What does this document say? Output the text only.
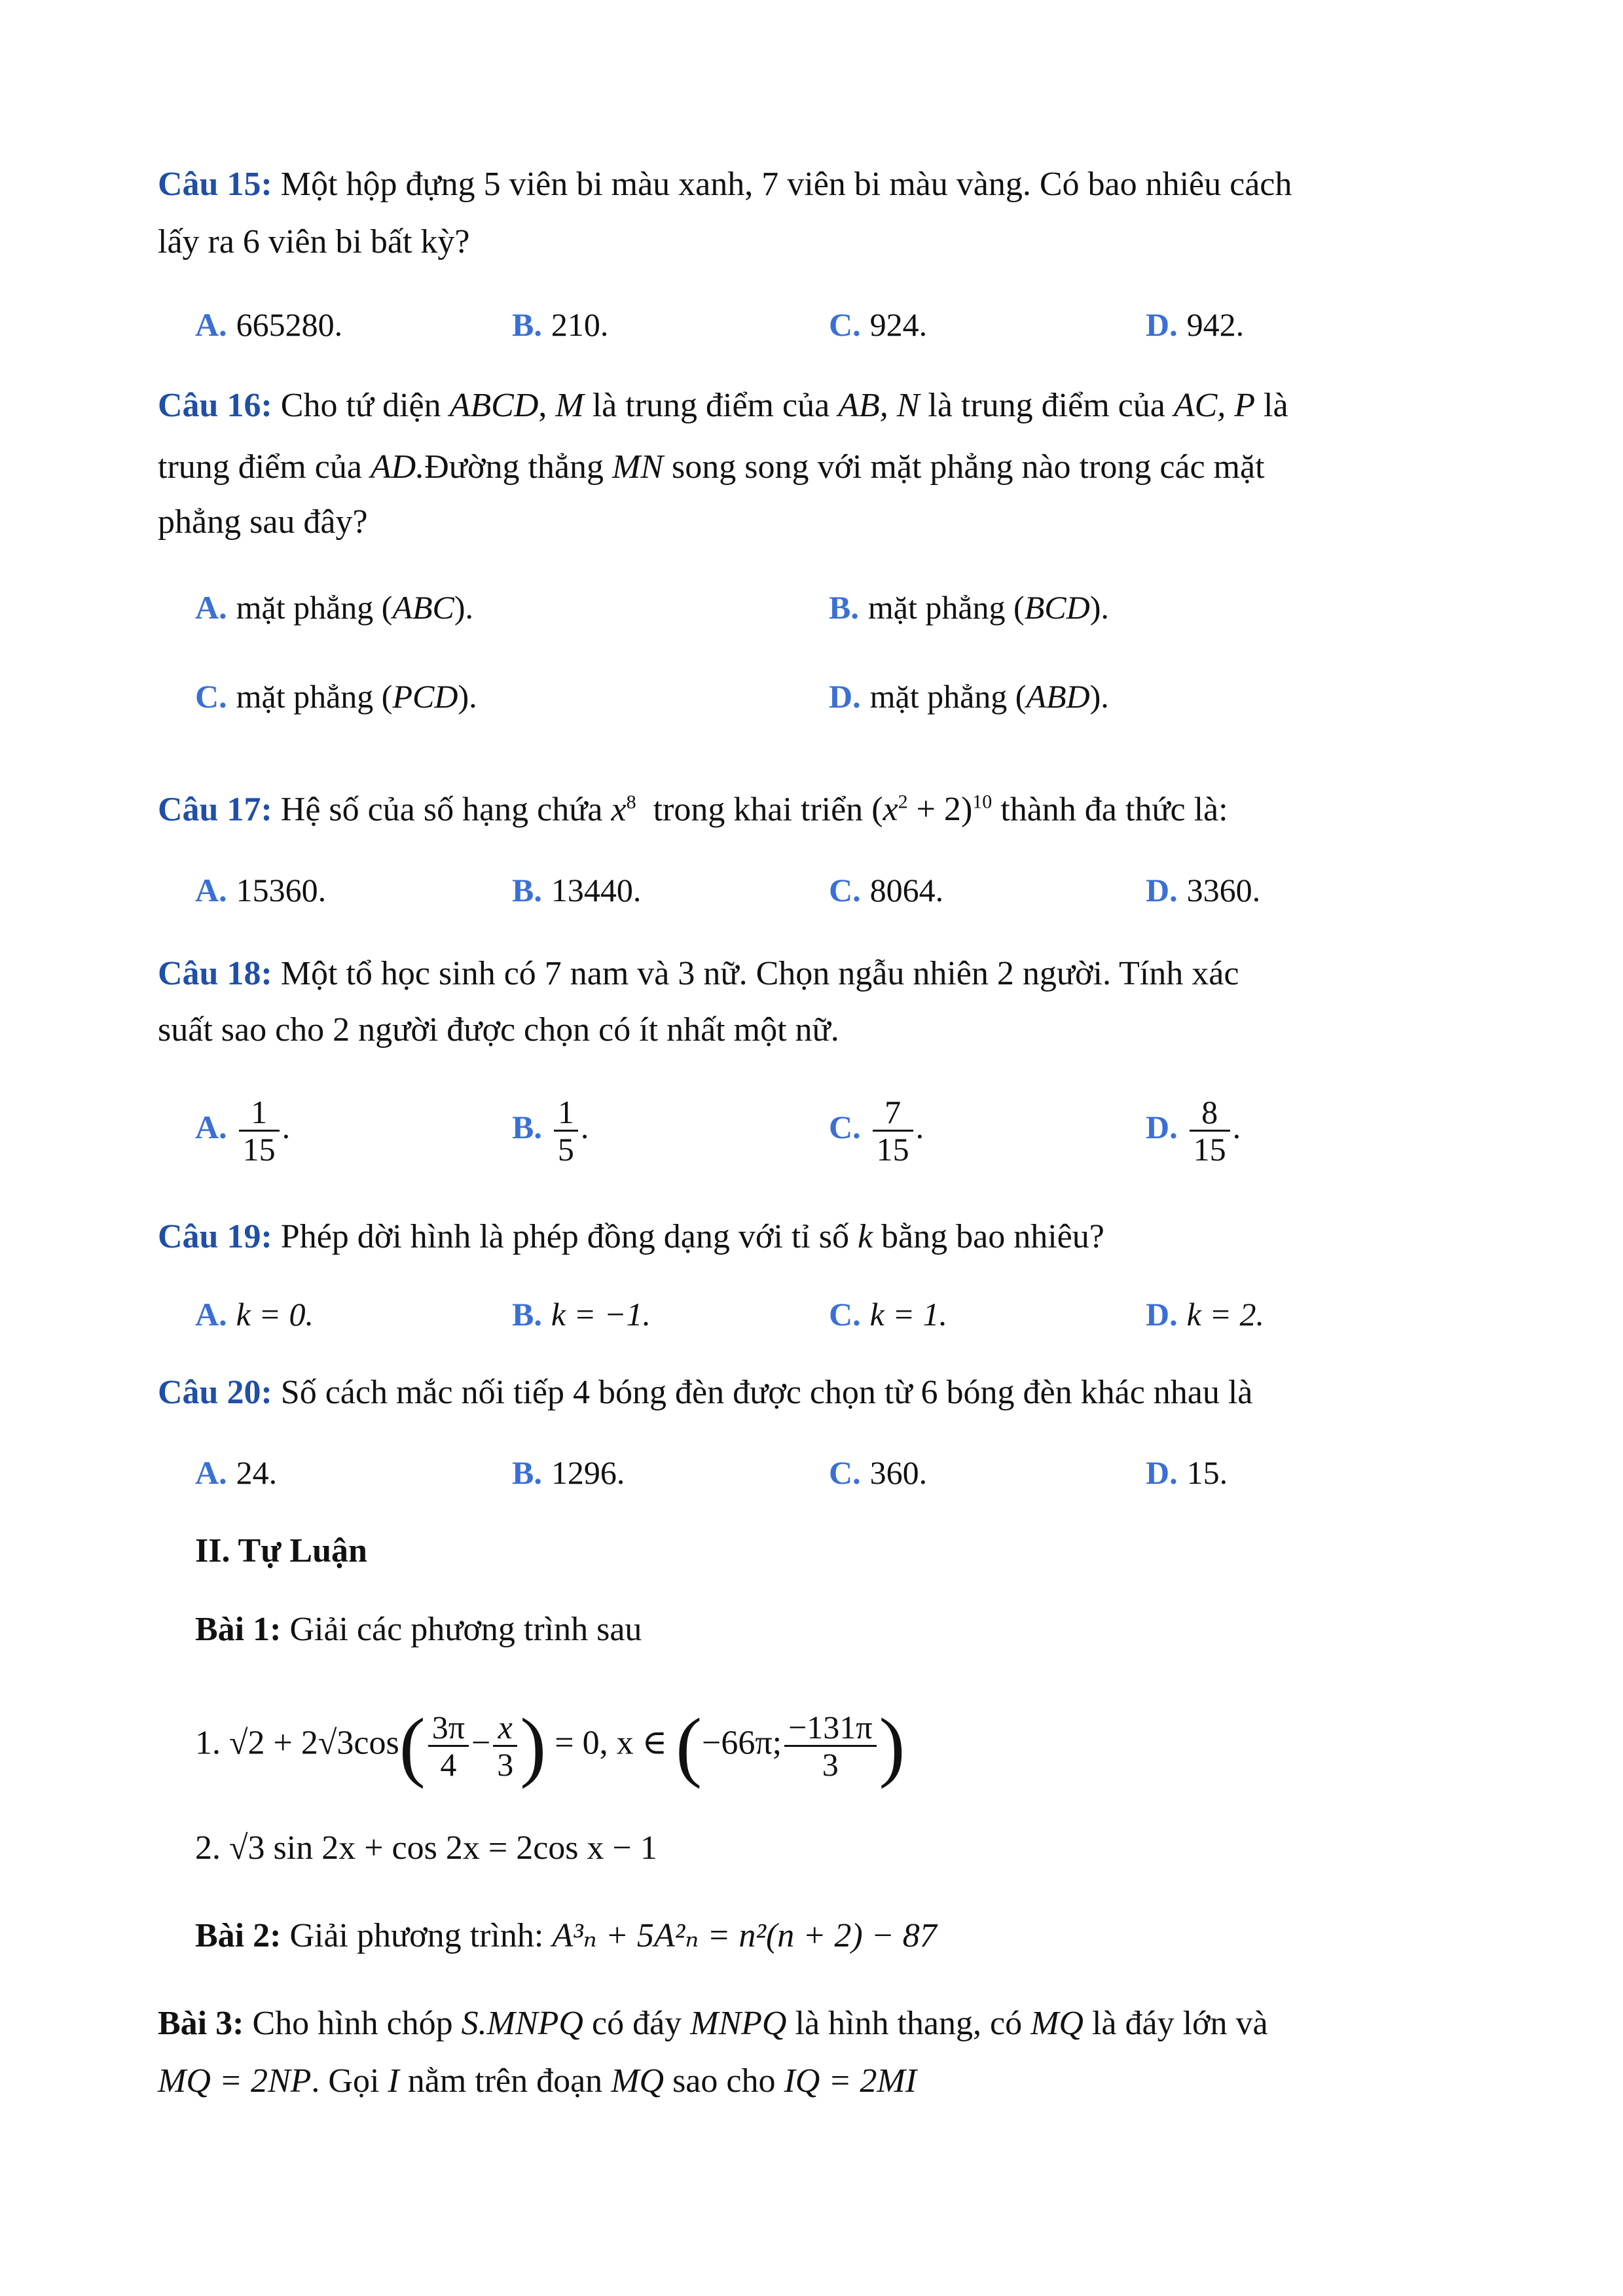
Câu 15: Một hộp đựng 5 viên bi màu xanh, 7 viên bi màu vàng. Có bao nhiêu cách
lấy ra 6 viên bi bất kỳ?
A. 665280.	B. 210.	C. 924.	D. 942.
Câu 16: Cho tứ diện ABCD, M là trung điểm của AB, N là trung điểm của AC, P là
trung điểm của AD.Đường thẳng MN song song với mặt phẳng nào trong các mặt
phẳng sau đây?
A. mặt phẳng (ABC).	B. mặt phẳng (BCD).
C. mặt phẳng (PCD).	D. mặt phẳng (ABD).
Câu 17: Hệ số của số hạng chứa $x^8$ trong khai triển $(x^2 + 2)^{10}$ thành đa thức là:
A. 15360.	B. 13440.	C. 8064.	D. 3360.
Câu 18: Một tổ học sinh có 7 nam và 3 nữ. Chọn ngẫu nhiên 2 người. Tính xác
suất sao cho 2 người được chọn có ít nhất một nữ.
A. $\frac{1}{15}$ .	B. $\frac{1}{5}$ .	C. $\frac{7}{15}$ .	D. $\frac{8}{15}$ .
Câu 19: Phép dời hình là phép đồng dạng với tỉ số k bằng bao nhiêu?
A. k = 0.	B. k = −1.	C. k = 1.	D. k = 2.
Câu 20: Số cách mắc nối tiếp 4 bóng đèn được chọn từ 6 bóng đèn khác nhau là
A. 24.	B. 1296.	C. 360.	D. 15.
II. Tự Luận
Bài 1: Giải các phương trình sau
1. $√2 + 2√3\cos( \frac{3\pi}{4} - \frac{x}{3}$ ) = 0, x ∈ (−66π; $\frac{-131\pi}{3}$ )
2. √3 sin 2x + cos 2x = 2cos x − 1
Bài 2: Giải phương trình: A³ₙ + 5A²ₙ = n²(n + 2) − 87
Bài 3: Cho hình chóp S.MNPQ có đáy MNPQ là hình thang, có MQ là đáy lớn và
MQ = 2NP. Gọi I nằm trên đoạn MQ sao cho IQ = 2MI
